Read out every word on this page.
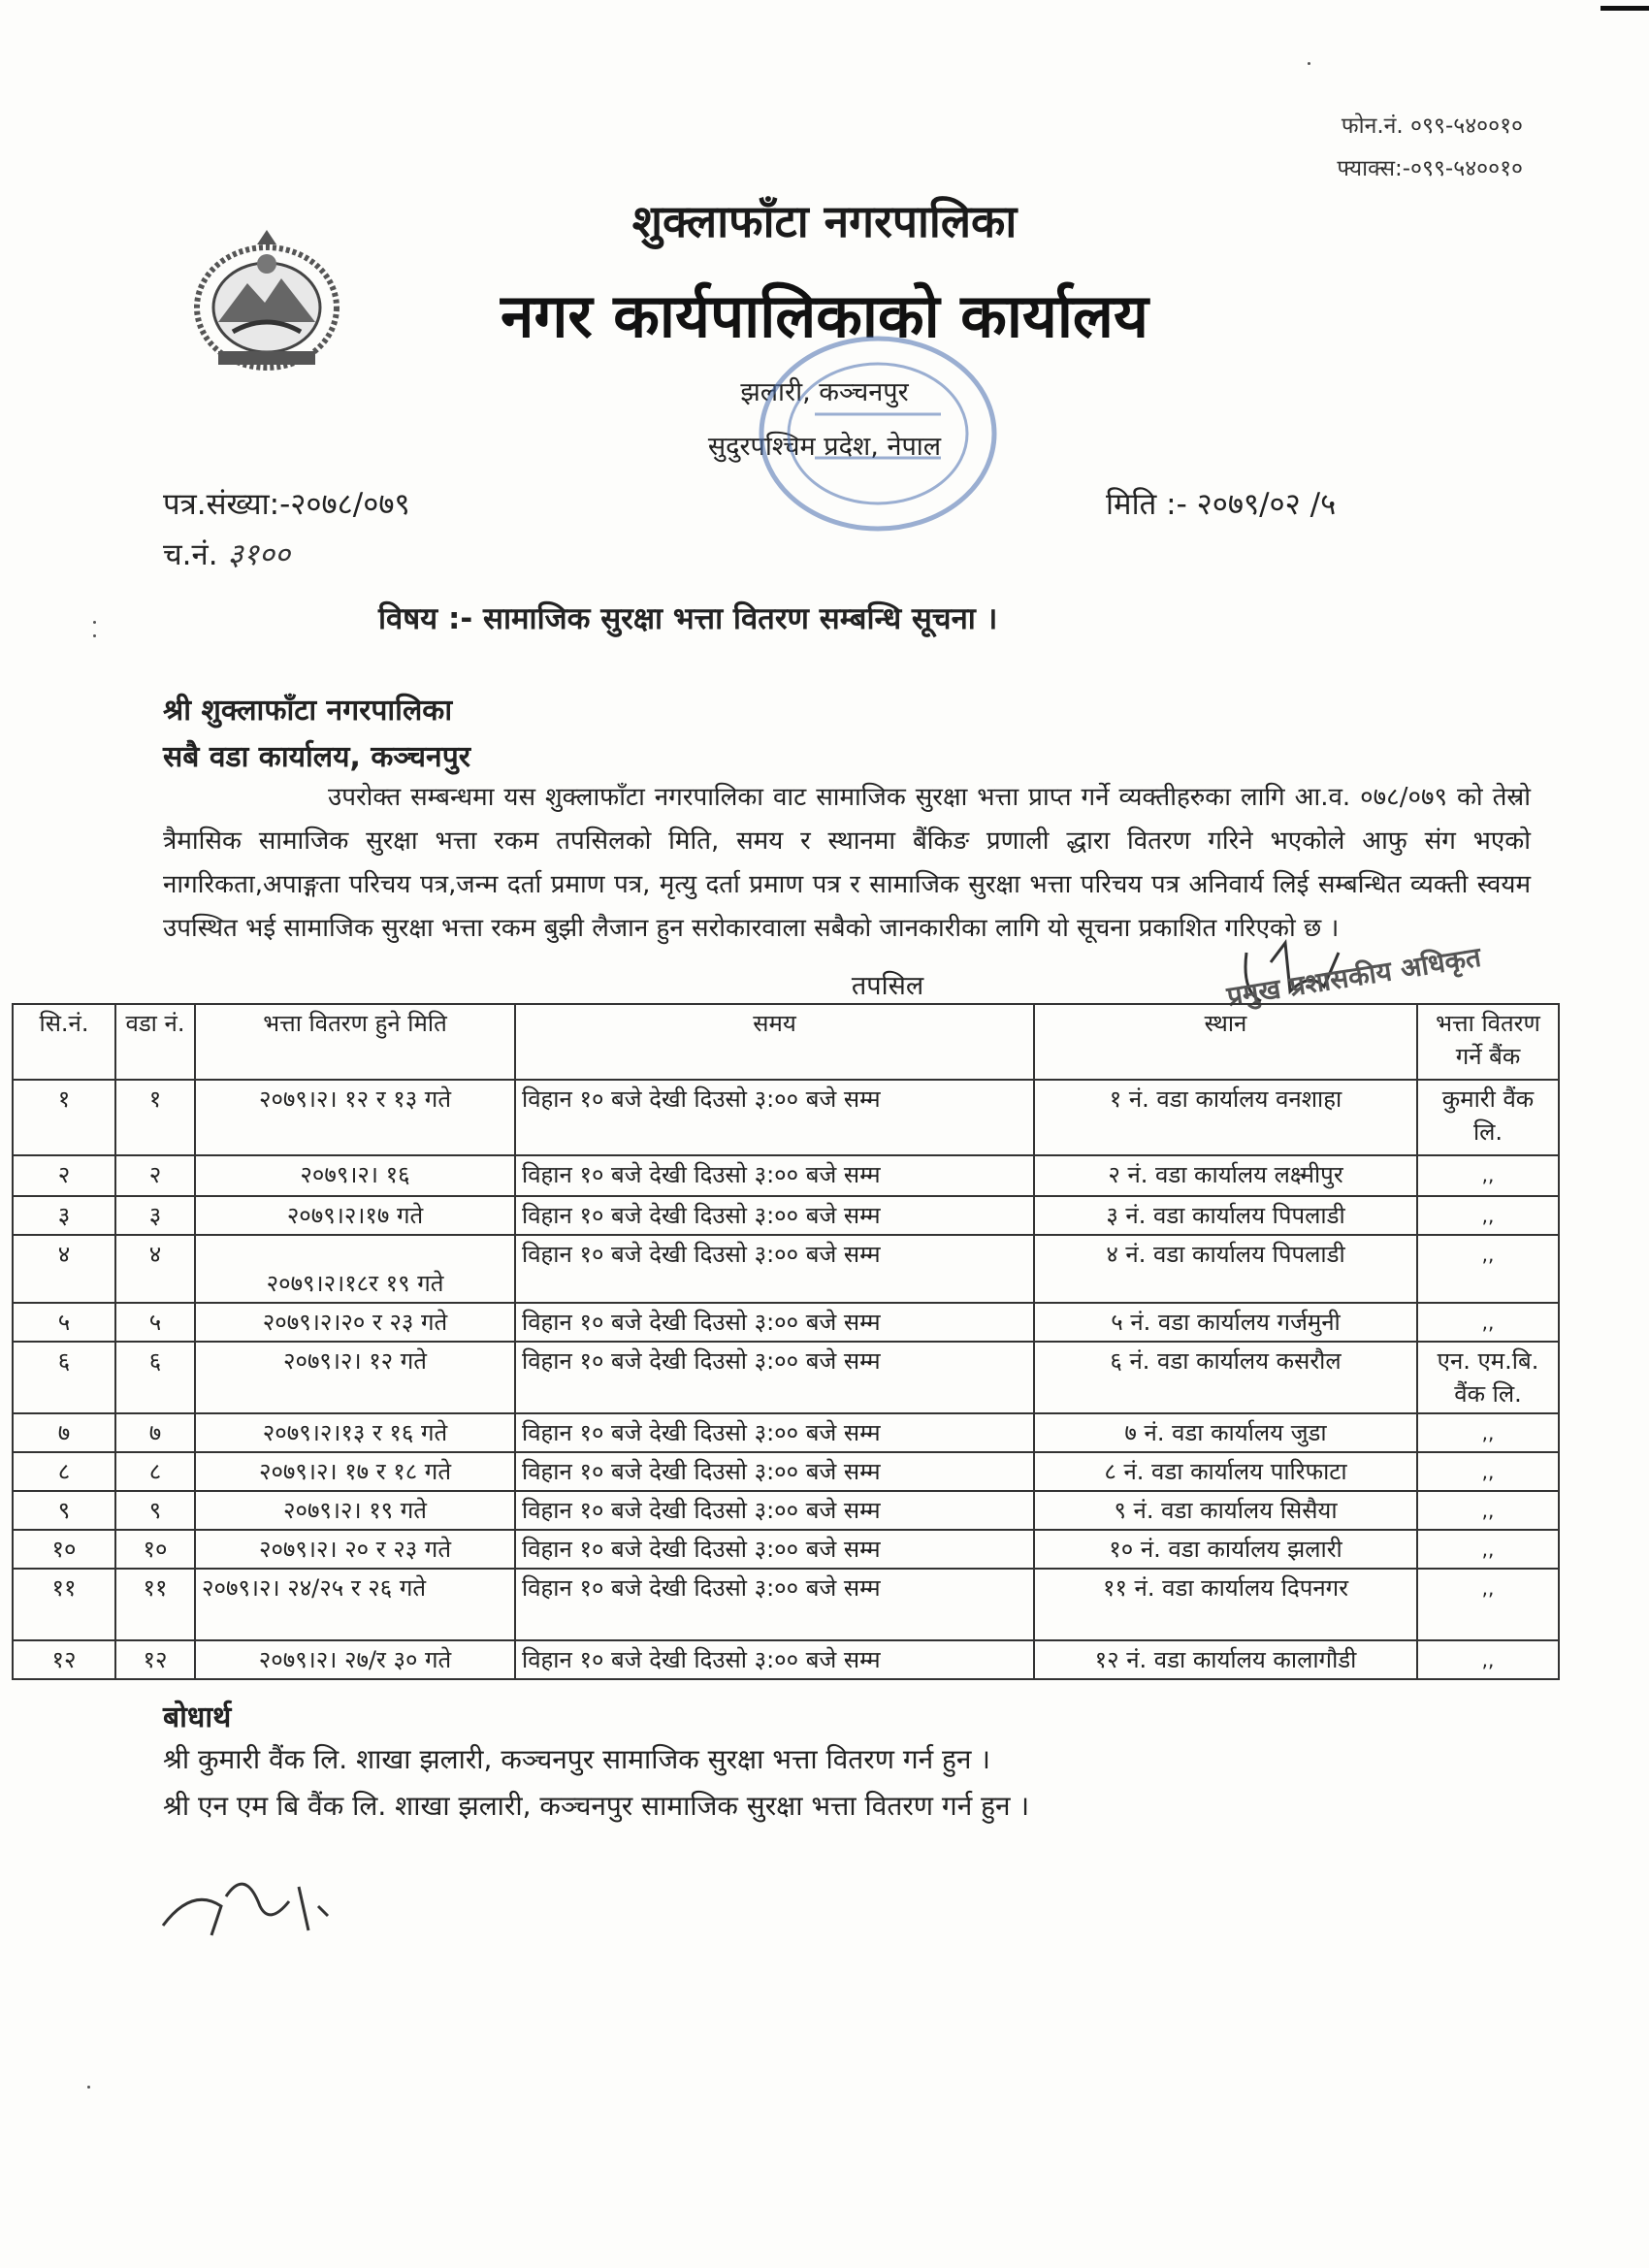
फोन.नं. ०९९-५४००१०
फ्याक्स:-०९९-५४००१०
शुक्लाफाँटा नगरपालिका
नगर कार्यपालिकाको कार्यालय
झलारी, कञ्चनपुर
सुदुरपश्चिम प्रदेश, नेपाल
पत्र.संख्या:-२०७८/०७९
च.नं. ३१००
मिति :- २०७९/०२ /५
विषय :- सामाजिक सुरक्षा भत्ता वितरण सम्बन्धि सूचना ।
श्री शुक्लाफाँटा नगरपालिका
सबै वडा कार्यालय, कञ्चनपुर
उपरोक्त सम्बन्धमा यस शुक्लाफाँटा नगरपालिका वाट सामाजिक सुरक्षा भत्ता प्राप्त गर्ने व्यक्तीहरुका लागि आ.व. ०७८/०७९ को तेस्रो त्रैमासिक सामाजिक सुरक्षा भत्ता रकम तपसिलको मिति, समय र स्थानमा बैंकिङ प्रणाली द्धारा वितरण गरिने भएकोले आफु संग भएको नागरिकता,अपाङ्गता परिचय पत्र,जन्म दर्ता प्रमाण पत्र, मृत्यु दर्ता प्रमाण पत्र र सामाजिक सुरक्षा भत्ता परिचय पत्र अनिवार्य लिई सम्बन्धित व्यक्ती स्वयम उपस्थित भई सामाजिक सुरक्षा भत्ता रकम बुझी लैजान हुन सरोकारवाला सबैको जानकारीका लागि यो सूचना प्रकाशित गरिएको छ ।
प्रमुख प्रशासकीय अधिकृत
तपसिल
सि.नं.	वडा नं.	भत्ता वितरण हुने मिति	समय	स्थान	भत्ता वितरण गर्ने बैंक
१	१	२०७९।२। १२ र १३ गते	विहान १० बजे देखी दिउसो ३:०० बजे सम्म	१ नं. वडा कार्यालय वनशाहा	कुमारी वैंक लि.
२	२	२०७९।२। १६	विहान १० बजे देखी दिउसो ३:०० बजे सम्म	२ नं. वडा कार्यालय लक्ष्मीपुर	,,
३	३	२०७९।२।१७ गते	विहान १० बजे देखी दिउसो ३:०० बजे सम्म	३ नं. वडा कार्यालय पिपलाडी	,,
४	४	२०७९।२।१८र १९ गते	विहान १० बजे देखी दिउसो ३:०० बजे सम्म	४ नं. वडा कार्यालय पिपलाडी	,,
५	५	२०७९।२।२० र २३ गते	विहान १० बजे देखी दिउसो ३:०० बजे सम्म	५ नं. वडा कार्यालय गर्जमुनी	,,
६	६	२०७९।२। १२ गते	विहान १० बजे देखी दिउसो ३:०० बजे सम्म	६ नं. वडा कार्यालय कसरौल	एन. एम.बि. वैंक लि.
७	७	२०७९।२।१३ र १६ गते	विहान १० बजे देखी दिउसो ३:०० बजे सम्म	७ नं. वडा कार्यालय जुडा	,,
८	८	२०७९।२। १७ र १८ गते	विहान १० बजे देखी दिउसो ३:०० बजे सम्म	८ नं. वडा कार्यालय पारिफाटा	,,
९	९	२०७९।२। १९ गते	विहान १० बजे देखी दिउसो ३:०० बजे सम्म	९ नं. वडा कार्यालय सिसैया	,,
१०	१०	२०७९।२। २० र २३ गते	विहान १० बजे देखी दिउसो ३:०० बजे सम्म	१० नं. वडा कार्यालय झलारी	,,
११	११	२०७९।२। २४/२५ र २६ गते	विहान १० बजे देखी दिउसो ३:०० बजे सम्म	११ नं. वडा कार्यालय दिपनगर	,,
१२	१२	२०७९।२। २७/र ३० गते	विहान १० बजे देखी दिउसो ३:०० बजे सम्म	१२ नं. वडा कार्यालय कालागौडी	,,
बोधार्थ
श्री कुमारी वैंक लि. शाखा झलारी, कञ्चनपुर सामाजिक सुरक्षा भत्ता वितरण गर्न हुन ।
श्री एन एम बि वैंक लि. शाखा झलारी, कञ्चनपुर सामाजिक सुरक्षा भत्ता वितरण गर्न हुन ।
